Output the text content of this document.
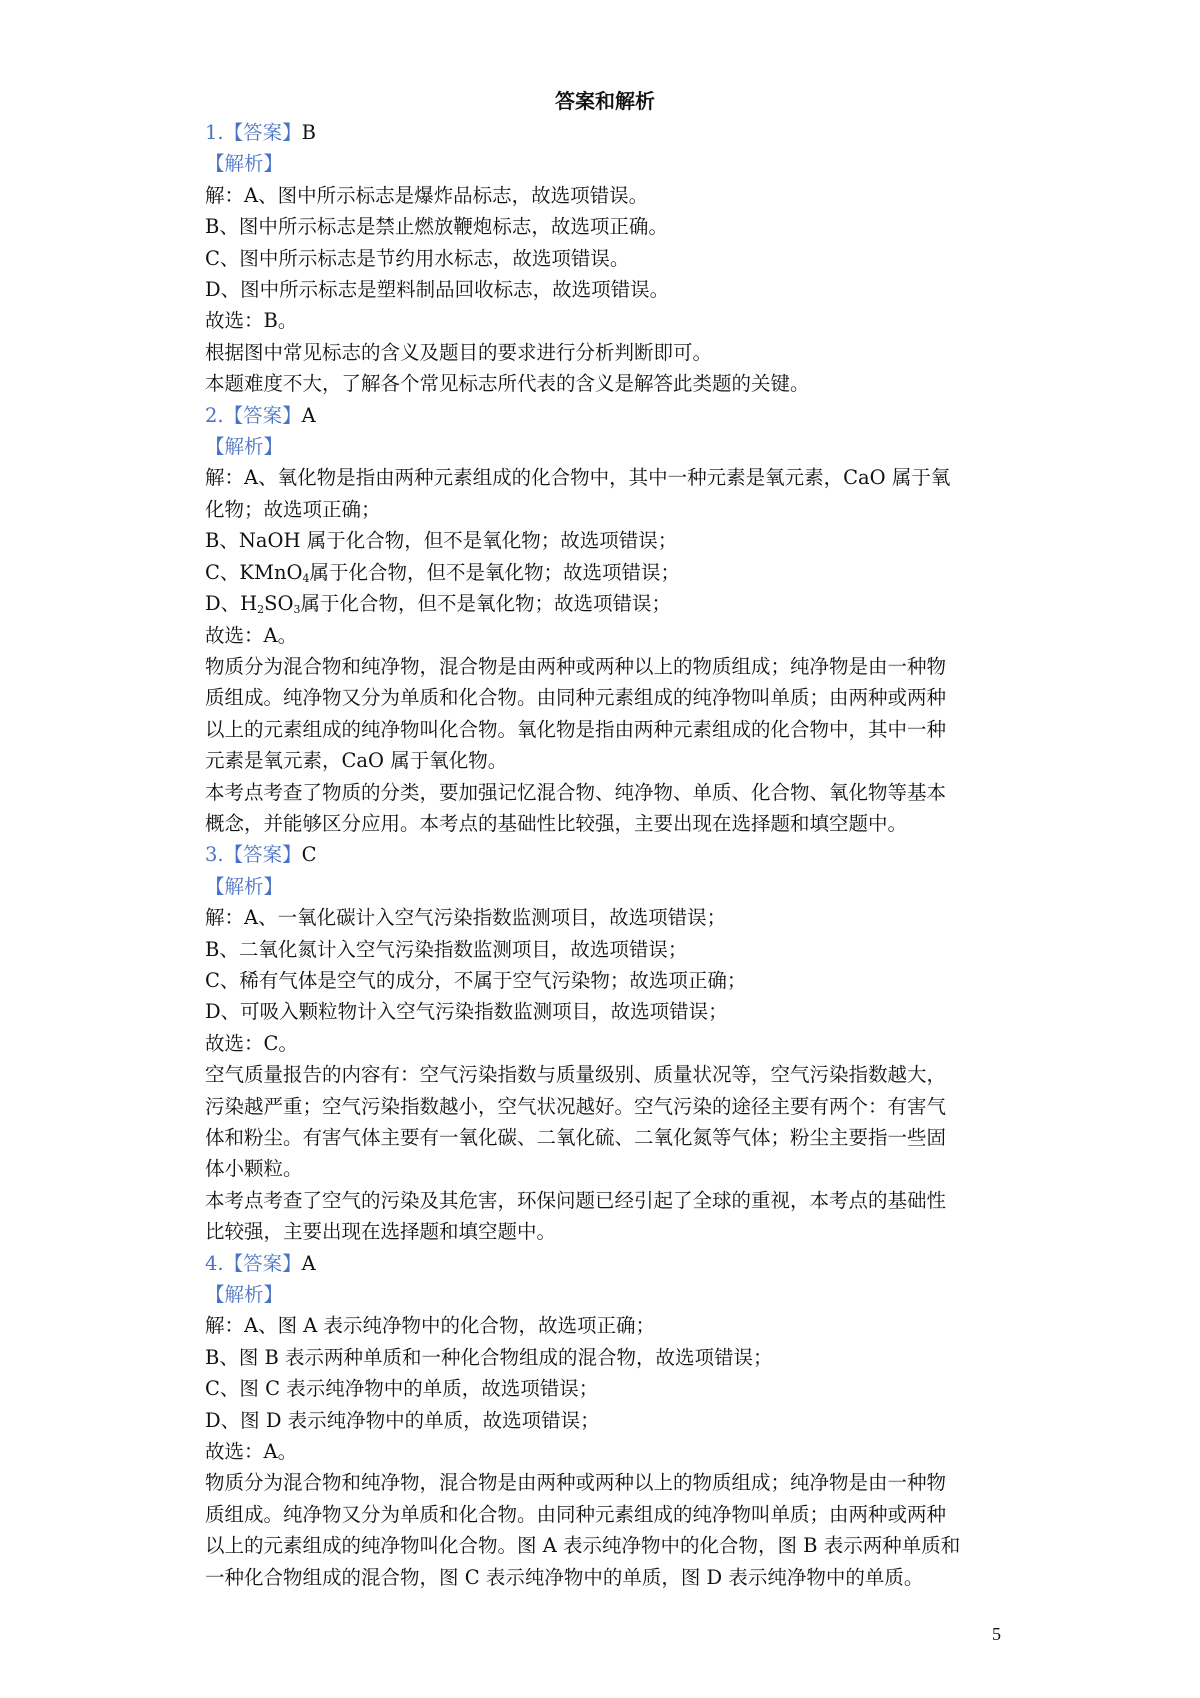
答案和解析

1.【答案】B

【解析】

解：A、图中所示标志是爆炸品标志，故选项错误。

B、图中所示标志是禁止燃放鞭炮标志，故选项正确。

C、图中所示标志是节约用水标志，故选项错误。

D、图中所示标志是塑料制品回收标志，故选项错误。

故选：B。

根据图中常见标志的含义及题目的要求进行分析判断即可。

本题难度不大，了解各个常见标志所代表的含义是解答此类题的关键。

2.【答案】A

【解析】

解：A、氧化物是指由两种元素组成的化合物中，其中一种元素是氧元素，CaO 属于氧

化物；故选项正确；

B、NaOH 属于化合物，但不是氧化物；故选项错误；

C、KMnO$_4$属于化合物，但不是氧化物；故选项错误；

D、$H_2SO_3$属于化合物，但不是氧化物；故选项错误；

故选：A。

物质分为混合物和纯净物，混合物是由两种或两种以上的物质组成；纯净物是由一种物

质组成。纯净物又分为单质和化合物。由同种元素组成的纯净物叫单质；由两种或两种

以上的元素组成的纯净物叫化合物。氧化物是指由两种元素组成的化合物中，其中一种

元素是氧元素，CaO 属于氧化物。

本考点考查了物质的分类，要加强记忆混合物、纯净物、单质、化合物、氧化物等基本

概念，并能够区分应用。本考点的基础性比较强，主要出现在选择题和填空题中。

3.【答案】C

【解析】

解：A、一氧化碳计入空气污染指数监测项目，故选项错误；

B、二氧化氮计入空气污染指数监测项目，故选项错误；

C、稀有气体是空气的成分，不属于空气污染物；故选项正确；

D、可吸入颗粒物计入空气污染指数监测项目，故选项错误；

故选：C。

空气质量报告的内容有：空气污染指数与质量级别、质量状况等，空气污染指数越大，

污染越严重；空气污染指数越小，空气状况越好。空气污染的途径主要有两个：有害气

体和粉尘。有害气体主要有一氧化碳、二氧化硫、二氧化氮等气体；粉尘主要指一些固

体小颗粒。

本考点考查了空气的污染及其危害，环保问题已经引起了全球的重视，本考点的基础性

比较强，主要出现在选择题和填空题中。

4.【答案】A

【解析】

解：A、图 A 表示纯净物中的化合物，故选项正确；

B、图 B 表示两种单质和一种化合物组成的混合物，故选项错误；

C、图 C 表示纯净物中的单质，故选项错误；

D、图 D 表示纯净物中的单质，故选项错误；

故选：A。

物质分为混合物和纯净物，混合物是由两种或两种以上的物质组成；纯净物是由一种物

质组成。纯净物又分为单质和化合物。由同种元素组成的纯净物叫单质；由两种或两种

以上的元素组成的纯净物叫化合物。图 A 表示纯净物中的化合物，图 B 表示两种单质和

一种化合物组成的混合物，图 C 表示纯净物中的单质，图 D 表示纯净物中的单质。

5
